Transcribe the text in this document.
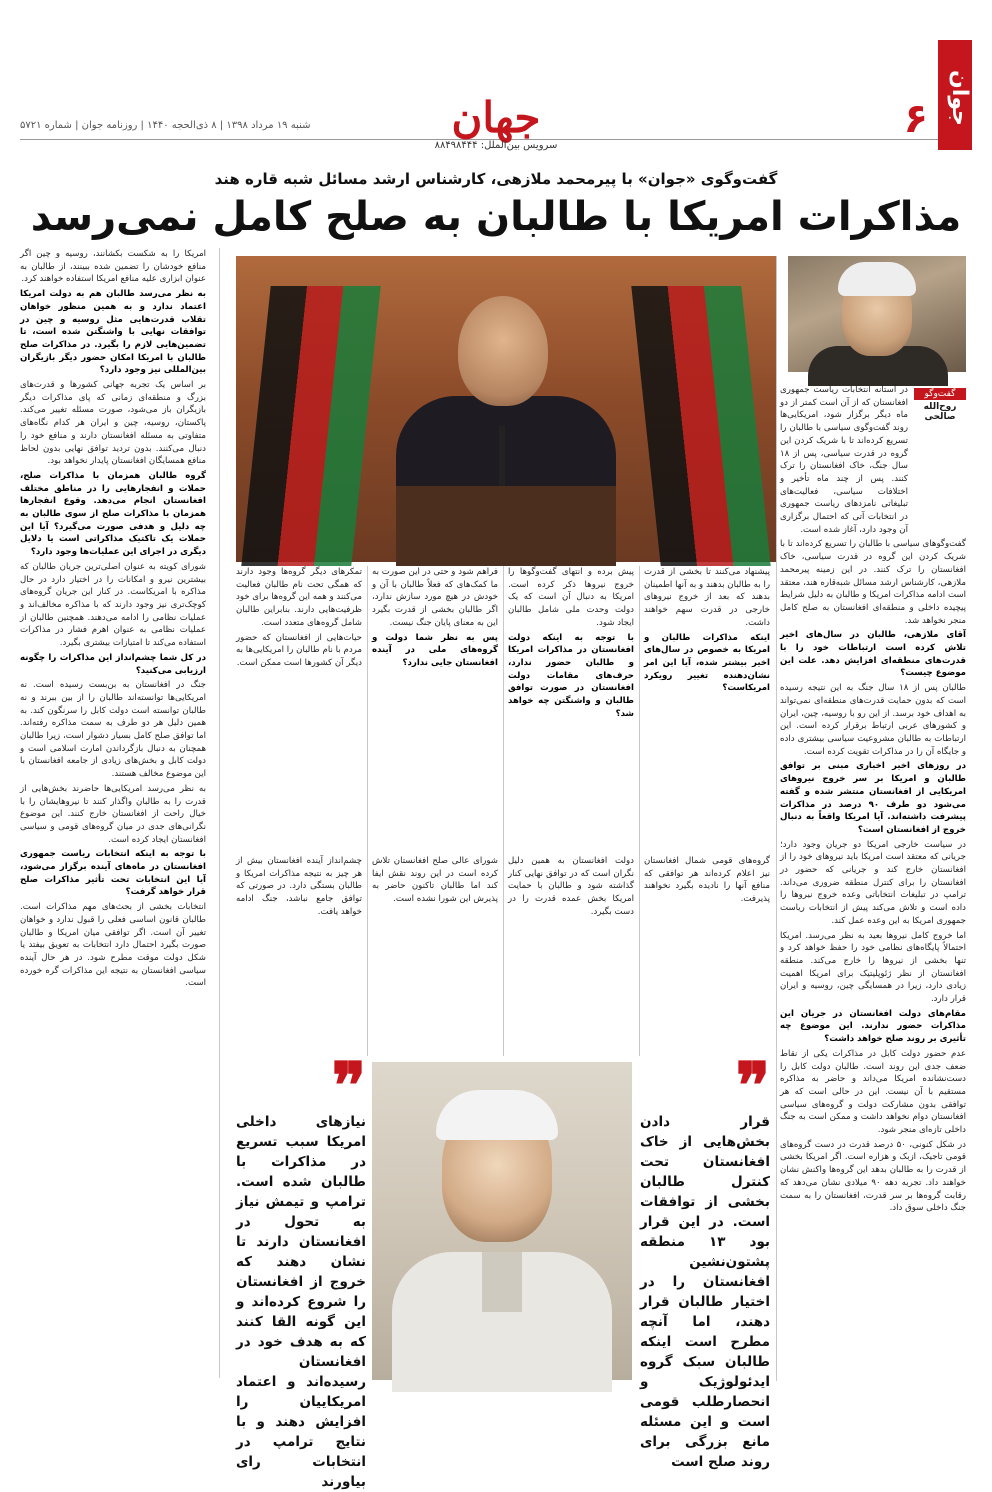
جوان
۶
جهان
سرویس بین‌الملل: ۸۸۴۹۸۴۴۴
شنبه ۱۹ مرداد ۱۳۹۸ | ۸ ذی‌الحجه ۱۴۴۰ | روزنامه جوان | شماره ۵۷۲۱
گفت‌وگوی «جوان» با پیرمحمد ملازهی، کارشناس ارشد مسائل شبه قاره هند
مذاکرات امریکا با طالبان به صلح کامل نمی‌رسد
گفت‌وگو
روح‌الله صالحی

در آستانه انتخابات ریاست جمهوری افغانستان که از آن است کمتر از دو ماه دیگر برگزار شود، امریکایی‌ها روند گفت‌وگوی سیاسی با طالبان را تسریع کرده‌اند تا با شریک کردن این گروه در قدرت سیاسی، پس از ۱۸ سال جنگ، خاک افغانستان را ترک کنند. پس از چند ماه تأخیر و اختلافات سیاسی، فعالیت‌های تبلیغاتی نامزدهای ریاست جمهوری در انتخابات آتی که احتمال برگزاری آن وجود دارد، آغاز شده است.

گفت‌وگوهای سیاسی با طالبان را تسریع کرده‌اند تا با شریک کردن این گروه در قدرت سیاسی، خاک افغانستان را ترک کنند. در این زمینه پیرمحمد ملازهی، کارشناس ارشد مسائل شبه‌قاره هند، معتقد است ادامه مذاکرات امریکا و طالبان به دلیل شرایط پیچیده داخلی و منطقه‌ای افغانستان به صلح کامل منجر نخواهد شد.

آقای ملازهی، طالبان در سال‌های اخیر تلاش کرده است ارتباطات خود را با قدرت‌های منطقه‌ای افزایش دهد. علت این موضوع چیست؟

طالبان پس از ۱۸ سال جنگ به این نتیجه رسیده است که بدون حمایت قدرت‌های منطقه‌ای نمی‌تواند به اهداف خود برسد. از این رو با روسیه، چین، ایران و کشورهای عربی ارتباط برقرار کرده است. این ارتباطات به طالبان مشروعیت سیاسی بیشتری داده و جایگاه آن را در مذاکرات تقویت کرده است.

در روزهای اخیر اخباری مبنی بر توافق طالبان و امریکا بر سر خروج نیروهای امریکایی از افغانستان منتشر شده و گفته می‌شود دو طرف ۹۰ درصد در مذاکرات پیشرفت داشته‌اند. آیا امریکا واقعاً به دنبال خروج از افغانستان است؟

در سیاست خارجی امریکا دو جریان وجود دارد؛ جریانی که معتقد است امریکا باید نیروهای خود را از افغانستان خارج کند و جریانی که حضور در افغانستان را برای کنترل منطقه ضروری می‌داند. ترامپ در تبلیغات انتخاباتی وعده خروج نیروها را داده است و تلاش می‌کند پیش از انتخابات ریاست جمهوری امریکا به این وعده عمل کند.

اما خروج کامل نیروها بعید به نظر می‌رسد. امریکا احتمالاً پایگاه‌های نظامی خود را حفظ خواهد کرد و تنها بخشی از نیروها را خارج می‌کند. منطقه افغانستان از نظر ژئوپلیتیک برای امریکا اهمیت زیادی دارد، زیرا در همسایگی چین، روسیه و ایران قرار دارد.

مقام‌های دولت افغانستان در جریان این مذاکرات حضور ندارند. این موضوع چه تأثیری بر روند صلح خواهد داشت؟

عدم حضور دولت کابل در مذاکرات یکی از نقاط ضعف جدی این روند است. طالبان دولت کابل را دست‌نشانده امریکا می‌داند و حاضر به مذاکره مستقیم با آن نیست. این در حالی است که هر توافقی بدون مشارکت دولت و گروه‌های سیاسی افغانستان دوام نخواهد داشت و ممکن است به جنگ داخلی تازه‌ای منجر شود.

در شکل کنونی، ۵۰ درصد قدرت در دست گروه‌های قومی تاجیک، ازبک و هزاره است. اگر امریکا بخشی از قدرت را به طالبان بدهد این گروه‌ها واکنش نشان خواهند داد. تجربه دهه ۹۰ میلادی نشان می‌دهد که رقابت گروه‌ها بر سر قدرت، افغانستان را به سمت جنگ داخلی سوق داد.

پیشنهاد می‌کنند تا بخشی از قدرت را به طالبان بدهند و به آنها اطمینان بدهند که بعد از خروج نیروهای خارجی در قدرت سهم خواهند داشت.

اینکه مذاکرات طالبان و امریکا به خصوص در سال‌های اخیر بیشتر شده، آیا این امر نشان‌دهنده تغییر رویکرد امریکاست؟

پیش برده و انتهای گفت‌وگوها را خروج نیروها ذکر کرده است. امریکا به دنبال آن است که یک دولت وحدت ملی شامل طالبان ایجاد شود.

با توجه به اینکه دولت افغانستان در مذاکرات امریکا و طالبان حضور ندارد، حرف‌های مقامات دولت افغانستان در صورت توافق طالبان و واشنگتن چه خواهد شد؟

فراهم شود و حتی در این صورت به ما کمک‌های که فعلاً طالبان با آن و خودش در هیچ مورد سازش ندارد، اگر طالبان بخشی از قدرت بگیرد این به معنای پایان جنگ نیست.

پس به نظر شما دولت و گروه‌های ملی در آینده افغانستان جایی ندارد؟

تمکرهای دیگر گروه‌ها وجود دارند که همگی تحت نام طالبان فعالیت می‌کنند و همه این گروه‌ها برای خود ظرفیت‌هایی دارند. بنابراین طالبان شامل گروه‌های متعدد است.

حیات‌هایی از افغانستان که حضور مردم با نام طالبان را امریکایی‌ها به دیگر آن کشورها است ممکن است.

گروه‌های قومی شمال افغانستان نیز اعلام کرده‌اند هر توافقی که منافع آنها را نادیده بگیرد نخواهند پذیرفت.

دولت افغانستان به همین دلیل نگران است که در توافق نهایی کنار گذاشته شود و طالبان با حمایت امریکا بخش عمده قدرت را در دست بگیرد.

شورای عالی صلح افغانستان تلاش کرده است در این روند نقش ایفا کند اما طالبان تاکنون حاضر به پذیرش این شورا نشده است.

چشم‌انداز آینده افغانستان بیش از هر چیز به نتیجه مذاکرات امریکا و طالبان بستگی دارد. در صورتی که توافق جامع نباشد، جنگ ادامه خواهد یافت.

امریکا را به شکست بکشانند، روسیه و چین اگر منافع خودشان را تضمین شده ببینند، از طالبان به عنوان ابزاری علیه منافع امریکا استفاده خواهند کرد.

به نظر می‌رسد طالبان هم به دولت امریکا اعتماد ندارد و به همین منظور خواهان تقلاب قدرت‌هایی مثل روسیه و چین در توافقات نهایی با واشنگتن شده است، تا تضمین‌هایی لازم را بگیرد. در مذاکرات صلح طالبان با امریکا امکان حضور دیگر بازیگران بین‌المللی نیز وجود دارد؟

بر اساس یک تجربه جهانی کشورها و قدرت‌های بزرگ و منطقه‌ای زمانی که پای مذاکرات دیگر بازیگران باز می‌شود، صورت مسئله تغییر می‌کند. پاکستان، روسیه، چین و ایران هر کدام نگاه‌های متفاوتی به مسئله افغانستان دارند و منافع خود را دنبال می‌کنند. بدون تردید توافق نهایی بدون لحاظ منافع همسایگان افغانستان پایدار نخواهد بود.

گروه طالبان همزمان با مذاکرات صلح، حملات و انفجارهایی را در مناطق مختلف افغانستان انجام می‌دهد. وقوع انفجارها همزمان با مذاکرات صلح از سوی طالبان به چه دلیل و هدفی صورت می‌گیرد؟ آیا این حملات یک تاکتیک مذاکراتی است یا دلایل دیگری در اجرای این عملیات‌ها وجود دارد؟

شورای کویته به عنوان اصلی‌ترین جریان طالبان که بیشترین نیرو و امکانات را در اختیار دارد در حال مذاکره با امریکاست. در کنار این جریان گروه‌های کوچک‌تری نیز وجود دارند که با مذاکره مخالف‌اند و عملیات نظامی را ادامه می‌دهند. همچنین طالبان از عملیات نظامی به عنوان اهرم فشار در مذاکرات استفاده می‌کند تا امتیازات بیشتری بگیرد.

در کل شما چشم‌انداز این مذاکرات را چگونه ارزیابی می‌کنید؟

جنگ در افغانستان به بن‌بست رسیده است. نه امریکایی‌ها توانسته‌اند طالبان را از بین ببرند و نه طالبان توانسته است دولت کابل را سرنگون کند. به همین دلیل هر دو طرف به سمت مذاکره رفته‌اند. اما توافق صلح کامل بسیار دشوار است، زیرا طالبان همچنان به دنبال بازگرداندن امارت اسلامی است و دولت کابل و بخش‌های زیادی از جامعه افغانستان با این موضوع مخالف هستند.

به نظر می‌رسد امریکایی‌ها حاضرند بخش‌هایی از قدرت را به طالبان واگذار کنند تا نیروهایشان را با خیال راحت از افغانستان خارج کنند. این موضوع نگرانی‌های جدی در میان گروه‌های قومی و سیاسی افغانستان ایجاد کرده است.

با توجه به اینکه انتخابات ریاست جمهوری افغانستان در ماه‌های آینده برگزار می‌شود، آیا این انتخابات تحت تأثیر مذاکرات صلح قرار خواهد گرفت؟

انتخابات بخشی از بحث‌های مهم مذاکرات است. طالبان قانون اساسی فعلی را قبول ندارد و خواهان تغییر آن است. اگر توافقی میان امریکا و طالبان صورت بگیرد احتمال دارد انتخابات به تعویق بیفتد یا شکل دولت موقت مطرح شود. در هر حال آینده سیاسی افغانستان به نتیجه این مذاکرات گره خورده است.

❞
قرار دادن بخش‌هایی از خاک افغانستان تحت کنترل طالبان بخشی از توافقات است. در این قرار بود ۱۳ منطقه پشتون‌نشین افغانستان را در اختیار طالبان قرار دهند، اما آنچه مطرح است اینکه طالبان سبک گروه ایدئولوژیک و انحصارطلب قومی است و این مسئله مانع بزرگی برای روند صلح است
❞
نیازهای داخلی امریکا سبب تسریع در مذاکرات با طالبان شده است. ترامپ و تیمش نیاز به تحول در افغانستان دارند تا نشان دهند که خروج از افغانستان را شروع کرده‌اند و این گونه القا کنند که به هدف خود در افغانستان رسیده‌اند و اعتماد امریکاییان را افزایش دهند و با نتایج ترامپ در انتخابات رای بیاورند
